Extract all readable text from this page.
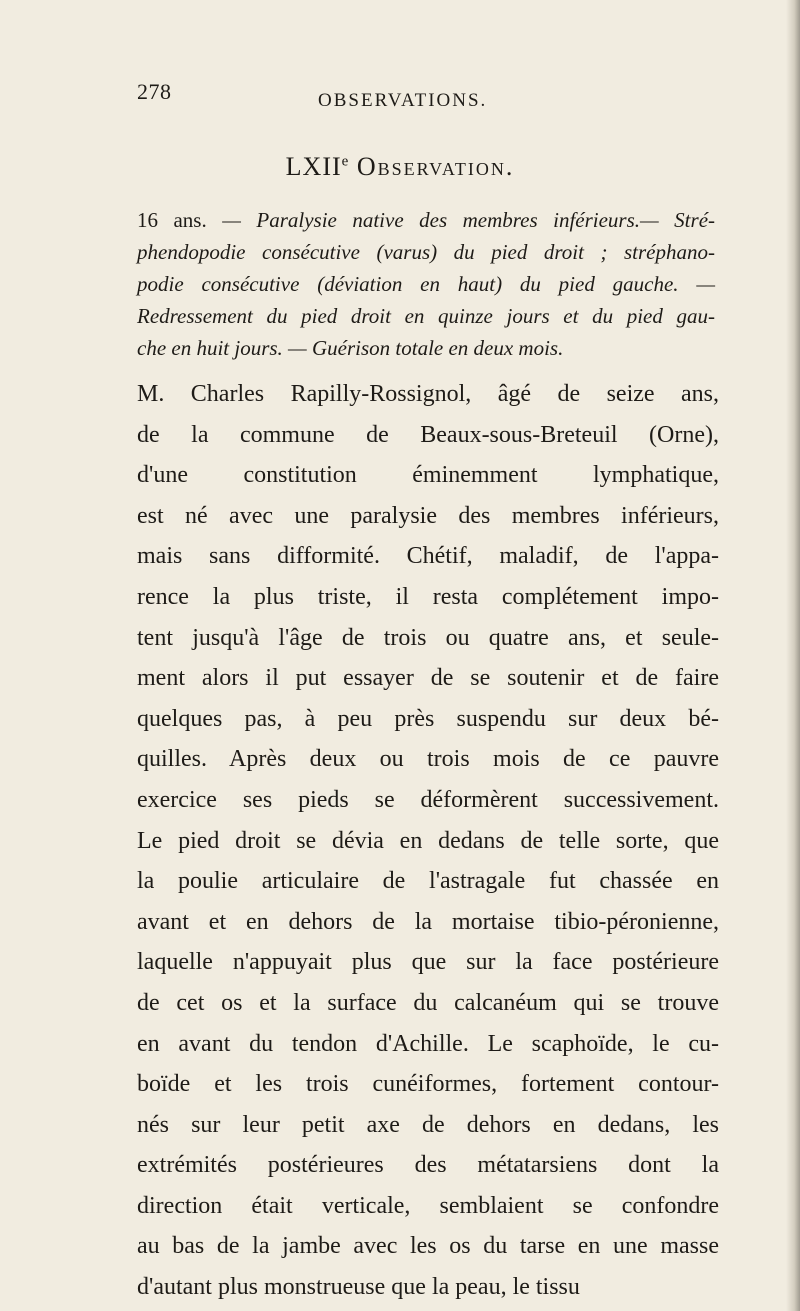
278	OBSERVATIONS.
LXIIe Observation.
16 ans. — Paralysie native des membres inférieurs.— Stré-
phendopodie consécutive (varus) du pied droit ; stréphano-
podie consécutive (déviation en haut) du pied gauche. —
Redressement du pied droit en quinze jours et du pied gau-
che en huit jours. — Guérison totale en deux mois.
M. Charles Rapilly-Rossignol, âgé de seize ans,
de la commune de Beaux-sous-Breteuil (Orne),
d'une constitution éminemment lymphatique,
est né avec une paralysie des membres inférieurs,
mais sans difformité. Chétif, maladif, de l'appa-
rence la plus triste, il resta complétement impo-
tent jusqu'à l'âge de trois ou quatre ans, et seule-
ment alors il put essayer de se soutenir et de faire
quelques pas, à peu près suspendu sur deux bé-
quilles. Après deux ou trois mois de ce pauvre
exercice ses pieds se déformèrent successivement.
Le pied droit se dévia en dedans de telle sorte, que
la poulie articulaire de l'astragale fut chassée en
avant et en dehors de la mortaise tibio-péronienne,
laquelle n'appuyait plus que sur la face postérieure
de cet os et la surface du calcanéum qui se trouve
en avant du tendon d'Achille. Le scaphoïde, le cu-
boïde et les trois cunéiformes, fortement contour-
nés sur leur petit axe de dehors en dedans, les
extrémités postérieures des métatarsiens dont la
direction était verticale, semblaient se confondre
au bas de la jambe avec les os du tarse en une masse
d'autant plus monstrueuse que la peau, le tissu
